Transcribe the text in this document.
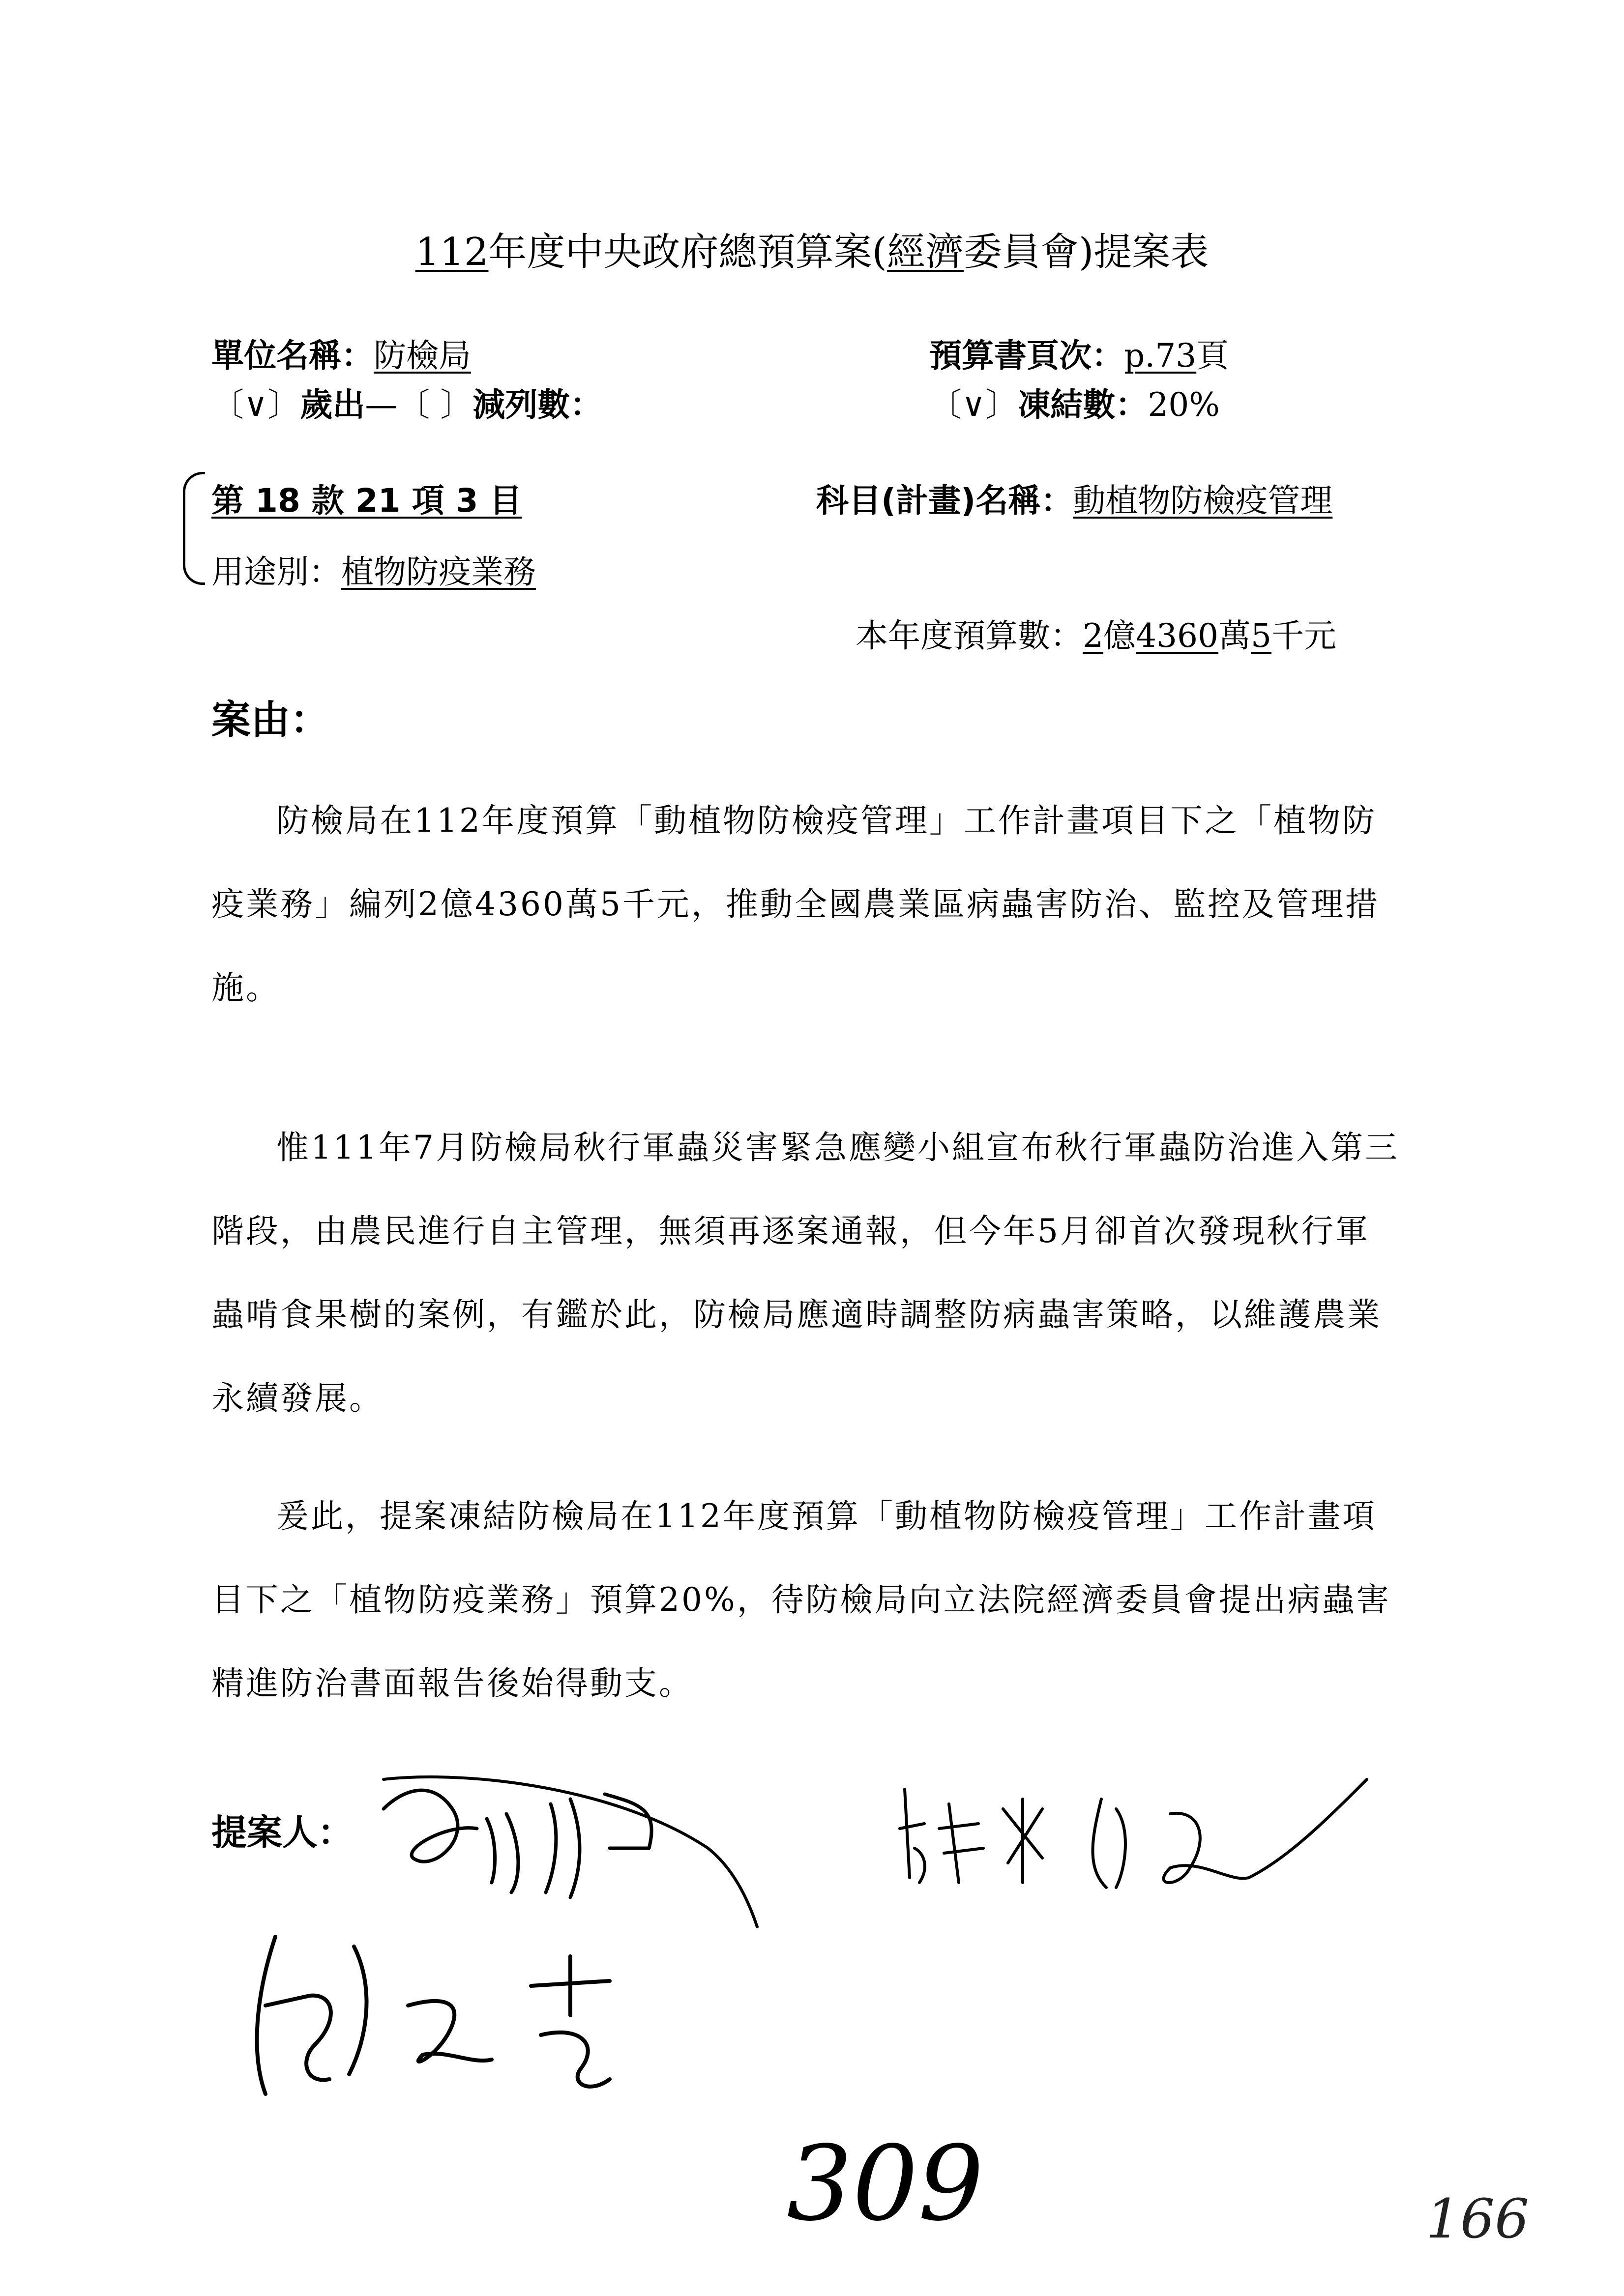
112年度中央政府總預算案(經濟委員會)提案表
單位名稱：防檢局	預算書頁次：p.73頁
〔∨〕歲出—〔 〕減列數：	〔∨〕凍結數：20%
第 18 款 21 項 3 目
用途別：植物防疫業務
科目(計畫)名稱：動植物防檢疫管理
本年度預算數：2億4360萬5千元
案由：
防檢局在112年度預算「動植物防檢疫管理」工作計畫項目下之「植物防疫業務」編列2億4360萬5千元，推動全國農業區病蟲害防治、監控及管理措施。
惟111年7月防檢局秋行軍蟲災害緊急應變小組宣布秋行軍蟲防治進入第三階段，由農民進行自主管理，無須再逐案通報，但今年5月卻首次發現秋行軍蟲啃食果樹的案例，有鑑於此，防檢局應適時調整防病蟲害策略，以維護農業永續發展。
爰此，提案凍結防檢局在112年度預算「動植物防檢疫管理」工作計畫項目下之「植物防疫業務」預算20%，待防檢局向立法院經濟委員會提出病蟲害精進防治書面報告後始得動支。
提案人：
309	166
